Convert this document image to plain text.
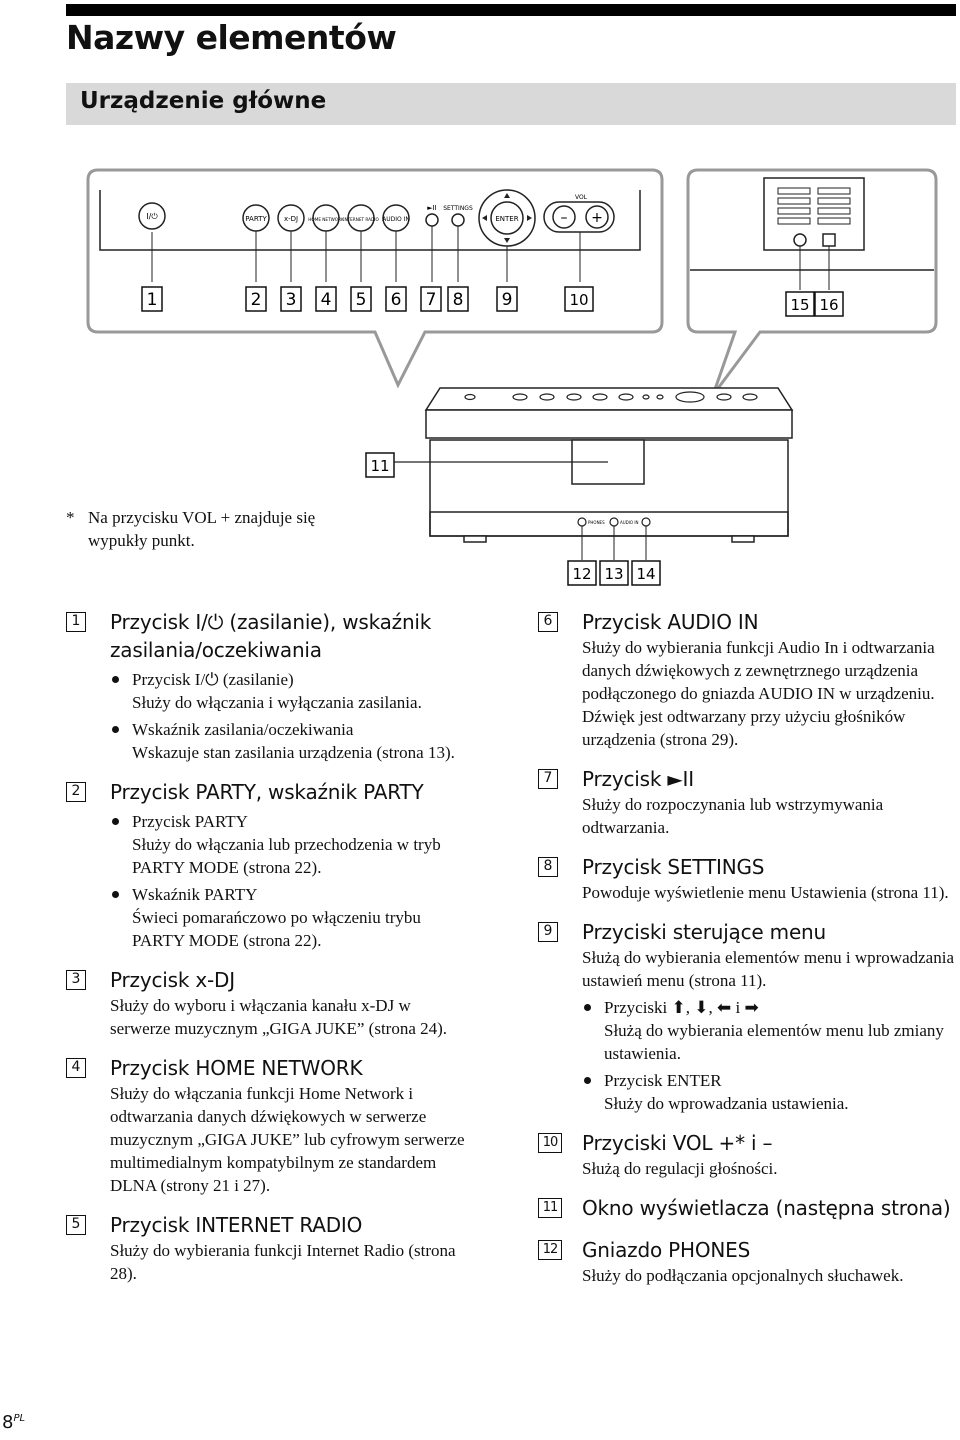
Nazwy elementów
Urządzenie główne
I/⏻	PARTY x-DJ HOME NETWORK INTERNET RADIO AUDIO IN
►II SETTINGS
ENTER
VOL
– +
1	2 3 4 5 6 7 8 9	10	15 16
PHONES	AUDIO IN
11
12 13 14
* Na przycisku VOL + znajduje się wypukły punkt.
1 Przycisk I/⏻ (zasilanie), wskaźnik zasilania/oczekiwania
Przycisk I/⏻ (zasilanie)
Służy do włączania i wyłączania zasilania.
Wskaźnik zasilania/oczekiwania
Wskazuje stan zasilania urządzenia (strona 13).
2 Przycisk PARTY, wskaźnik PARTY
Przycisk PARTY
Służy do włączania lub przechodzenia w tryb PARTY MODE (strona 22).
Wskaźnik PARTY
Świeci pomarańczowo po włączeniu trybu PARTY MODE (strona 22).
3 Przycisk x-DJ
Służy do wyboru i włączania kanału x-DJ w serwerze muzycznym „GIGA JUKE” (strona 24).
4 Przycisk HOME NETWORK
Służy do włączania funkcji Home Network i odtwarzania danych dźwiękowych w serwerze muzycznym „GIGA JUKE” lub cyfrowym serwerze multimedialnym kompatybilnym ze standardem DLNA (strony 21 i 27).
5 Przycisk INTERNET RADIO
Służy do wybierania funkcji Internet Radio (strona 28).
6 Przycisk AUDIO IN
Służy do wybierania funkcji Audio In i odtwarzania danych dźwiękowych z zewnętrznego urządzenia podłączonego do gniazda AUDIO IN w urządzeniu. Dźwięk jest odtwarzany przy użyciu głośników urządzenia (strona 29).
7 Przycisk ►II
Służy do rozpoczynania lub wstrzymywania odtwarzania.
8 Przycisk SETTINGS
Powoduje wyświetlenie menu Ustawienia (strona 11).
9 Przyciski sterujące menu
Służą do wybierania elementów menu i wprowadzania ustawień menu (strona 11).
Przyciski ⬆, ⬇, ⬅ i ➡
Służą do wybierania elementów menu lub zmiany ustawienia.
Przycisk ENTER
Służy do wprowadzania ustawienia.
10 Przyciski VOL +* i –
Służą do regulacji głośności.
11 Okno wyświetlacza (następna strona)
12 Gniazdo PHONES
Służy do podłączania opcjonalnych słuchawek.
$8^{PL}$
